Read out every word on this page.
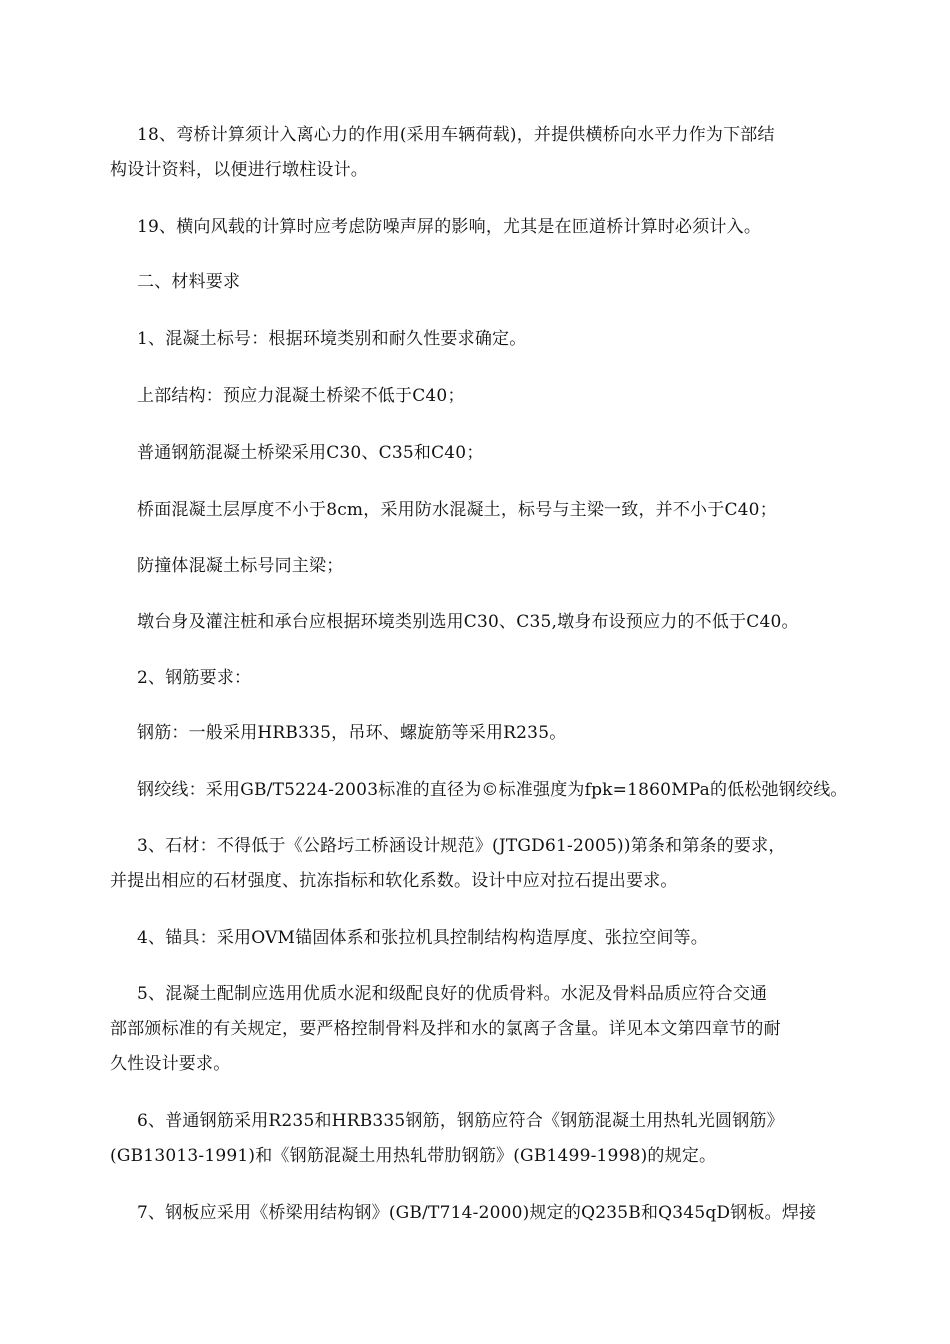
18、弯桥计算须计入离心力的作用(采用车辆荷载)，并提供横桥向水平力作为下部结
构设计资料，以便进行墩柱设计。

19、横向风载的计算时应考虑防噪声屏的影响，尤其是在匝道桥计算时必须计入。

二、材料要求

1、混凝土标号：根据环境类别和耐久性要求确定。

上部结构：预应力混凝土桥梁不低于C40；

普通钢筋混凝土桥梁采用C30、C35和C40；

桥面混凝土层厚度不小于8cm，采用防水混凝土，标号与主梁一致，并不小于C40；

防撞体混凝土标号同主梁；

墩台身及灌注桩和承台应根据环境类别选用C30、C35,墩身布设预应力的不低于C40。

2、钢筋要求：

钢筋：一般采用HRB335，吊环、螺旋筋等采用R235。

钢绞线：采用GB/T5224-2003标准的直径为©标准强度为fpk=1860MPa的低松弛钢绞线。

3、石材：不得低于《公路圬工桥涵设计规范》(JTGD61-2005))第条和第条的要求，
并提出相应的石材强度、抗冻指标和软化系数。设计中应对拉石提出要求。

4、锚具：采用OVM锚固体系和张拉机具控制结构构造厚度、张拉空间等。

5、混凝土配制应选用优质水泥和级配良好的优质骨料。水泥及骨料品质应符合交通
部部颁标准的有关规定，要严格控制骨料及拌和水的氯离子含量。详见本文第四章节的耐
久性设计要求。

6、普通钢筋采用R235和HRB335钢筋，钢筋应符合《钢筋混凝土用热轧光圆钢筋》
(GB13013-1991)和《钢筋混凝土用热轧带肋钢筋》(GB1499-1998)的规定。

7、钢板应采用《桥梁用结构钢》(GB/T714-2000)规定的Q235B和Q345qD钢板。焊接
